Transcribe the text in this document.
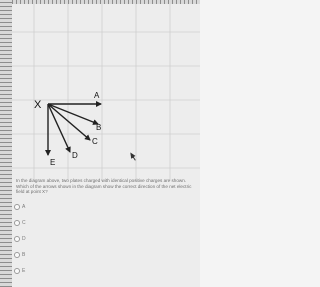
X
A
B
C
D
E
In the diagram above, two plates charged with identical positive charges are shown. Which of the arrows shown in the diagram show the correct direction of the net electric field at point X?
A
C
D
B
E
